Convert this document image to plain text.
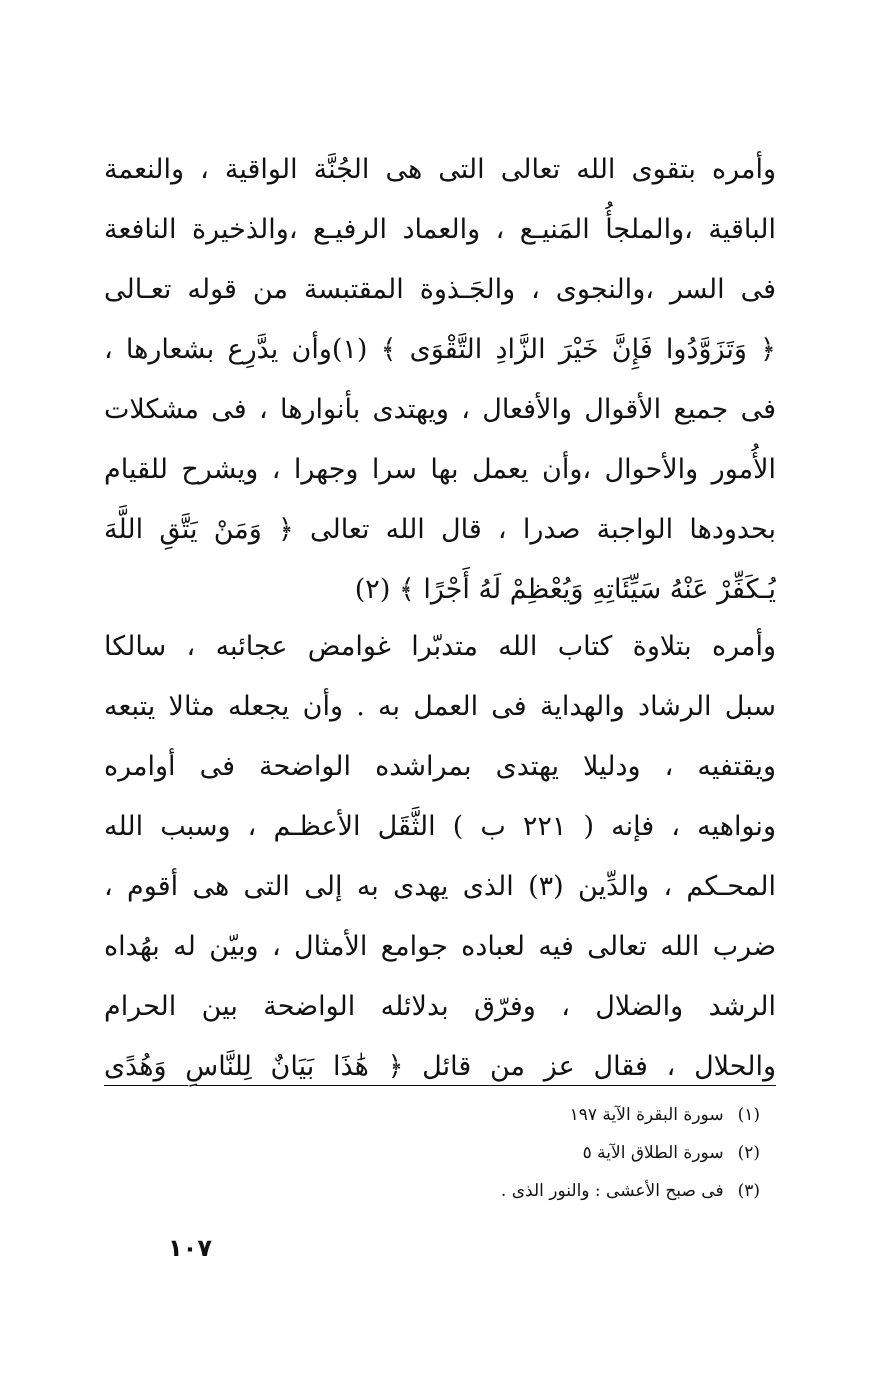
وأمره بتقوى الله تعالى التى هى الجُنَّة الواقية ، والنعمة
الباقية ،والملجأُ المَنيـع ، والعماد الرفيـع ،والذخيرة النافعة
فى السر ،والنجوى ، والجَـذوة المقتبسة من قوله تعـالى
﴿ وَتَزَوَّدُوا فَإِنَّ خَيْرَ الزَّادِ التَّقْوَى ﴾ (١)وأن يدَّرِع بشعارها ،
فى جميع الأقوال والأفعال ، ويهتدى بأنوارها ، فى مشكلات
الأُمور والأحوال ،وأن يعمل بها سرا وجهرا ، ويشرح للقيام
بحدودها الواجبة صدرا ، قال الله تعالى ﴿ وَمَنْ يَتَّقِ اللَّهَ
يُـكَفِّرْ عَنْهُ سَيِّئَاتِهِ وَيُعْظِمْ لَهُ أَجْرًا ﴾ (٢)
وأمره بتلاوة كتاب الله متدبّرا غوامض عجائبه ، سالكا
سبل الرشاد والهداية فى العمل به . وأن يجعله مثالا يتبعه
ويقتفيه ، ودليلا يهتدى بمراشده الواضحة فى أوامره
ونواهيه ، فإنه ( ٢٢١ ب ) الثَّقَل الأعظـم ، وسبب الله
المحـكم ، والدِّين (٣) الذى يهدى به إلى التى هى أقوم ،
ضرب الله تعالى فيه لعباده جوامع الأمثال ، وبيّن له بهُداه
الرشد والضلال ، وفرّق بدلائله الواضحة بين الحرام
والحلال ، فقال عز من قائل ﴿ هَٰذَا بَيَانٌ لِلنَّاسِ وَهُدًى
(١)سورة البقرة الآية ١٩٧
(٢)سورة الطلاق الآية ٥
(٣)فى صبح الأعشى : والنور الذى .
١٠٧
